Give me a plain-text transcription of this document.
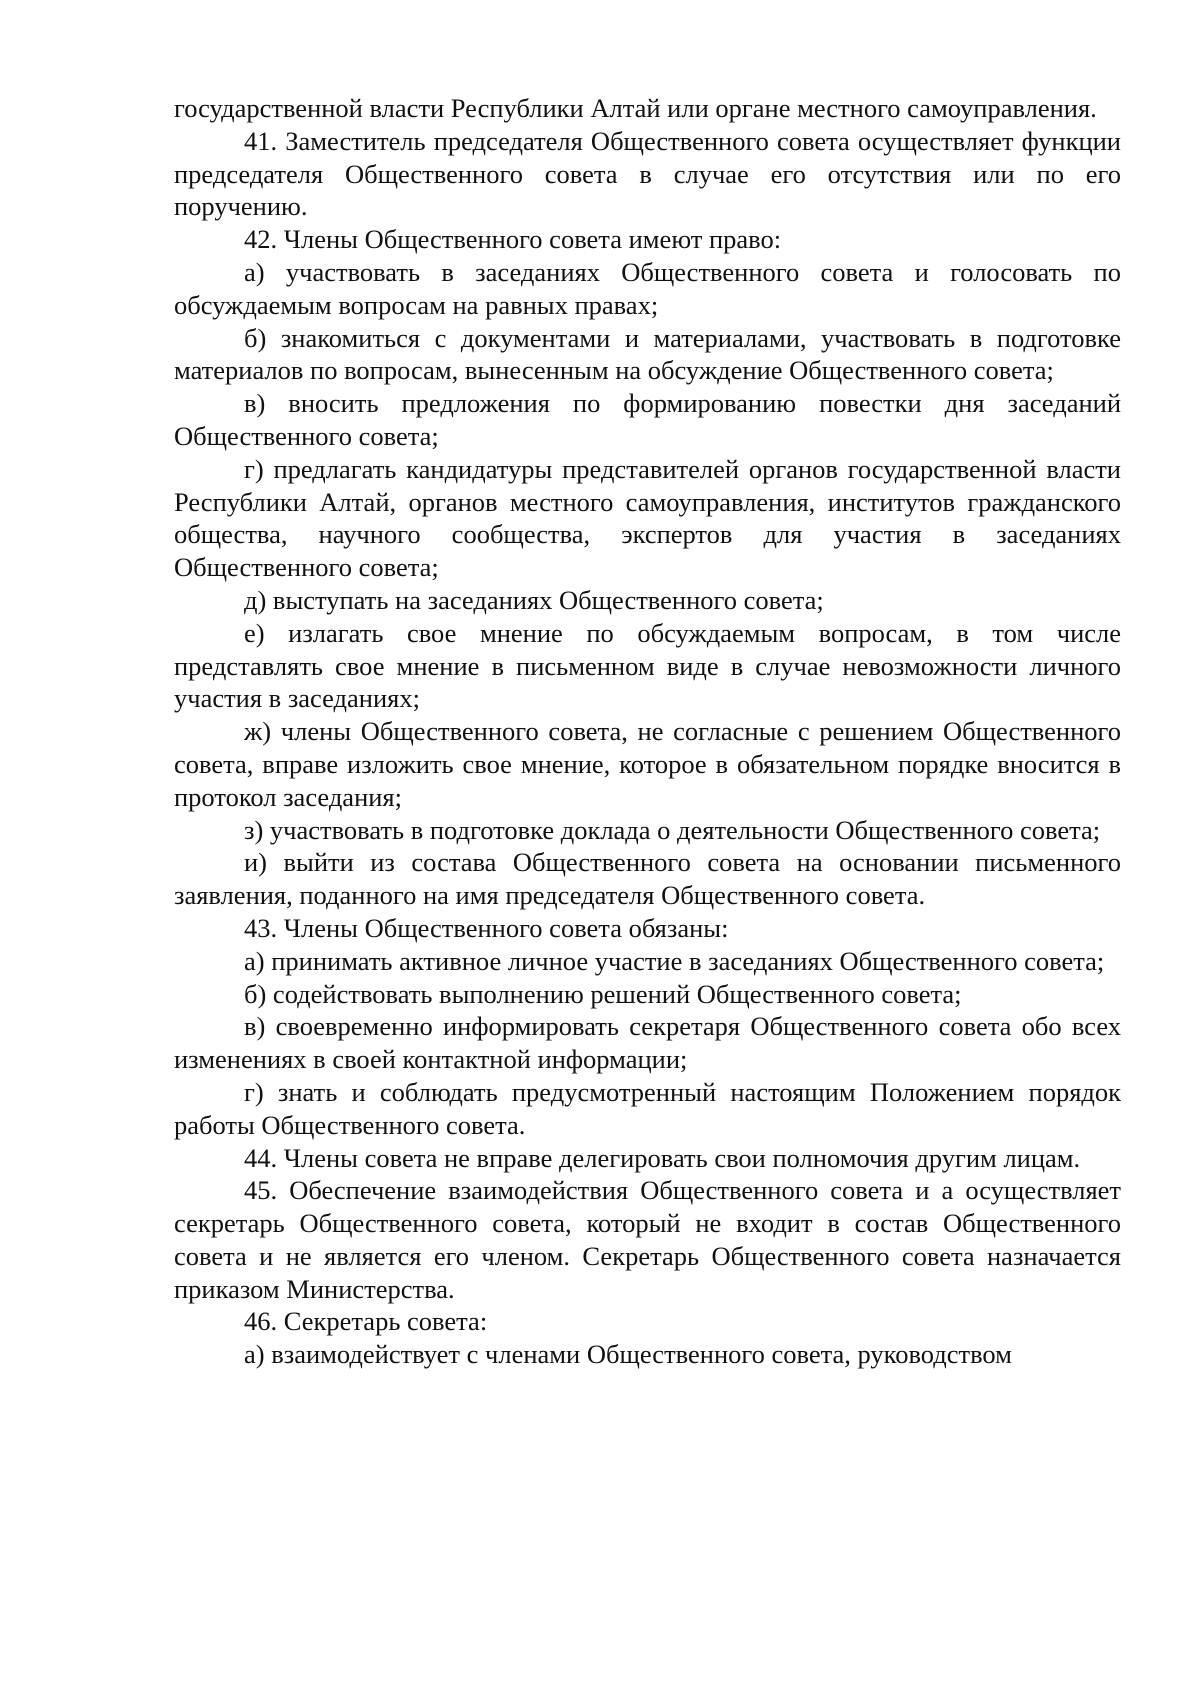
государственной власти Республики Алтай или органе местного самоуправления.

41. Заместитель председателя Общественного совета осуществляет функции председателя Общественного совета в случае его отсутствия или по его поручению.

42. Члены Общественного совета имеют право:

а) участвовать в заседаниях Общественного совета и голосовать по обсуждаемым вопросам на равных правах;

б) знакомиться с документами и материалами, участвовать в подготовке материалов по вопросам, вынесенным на обсуждение Общественного совета;

в) вносить предложения по формированию повестки дня заседаний Общественного совета;

г) предлагать кандидатуры представителей органов государственной власти Республики Алтай, органов местного самоуправления, институтов гражданского общества, научного сообщества, экспертов для участия в заседаниях Общественного совета;

д) выступать на заседаниях Общественного совета;

е) излагать свое мнение по обсуждаемым вопросам, в том числе представлять свое мнение в письменном виде в случае невозможности личного участия в заседаниях;

ж) члены Общественного совета, не согласные с решением Общественного совета, вправе изложить свое мнение, которое в обязательном порядке вносится в протокол заседания;

з) участвовать в подготовке доклада о деятельности Общественного совета;

и) выйти из состава Общественного совета на основании письменного заявления, поданного на имя председателя Общественного совета.

43. Члены Общественного совета обязаны:

а) принимать активное личное участие в заседаниях Общественного совета;

б) содействовать выполнению решений Общественного совета;

в) своевременно информировать секретаря Общественного совета обо всех изменениях в своей контактной информации;

г) знать и соблюдать предусмотренный настоящим Положением порядок работы Общественного совета.

44. Члены совета не вправе делегировать свои полномочия другим лицам.

45. Обеспечение взаимодействия Общественного совета и а осуществляет секретарь Общественного совета, который не входит в состав Общественного совета и не является его членом. Секретарь Общественного совета назначается приказом Министерства.

46. Секретарь совета:

а) взаимодействует с членами Общественного совета, руководством
